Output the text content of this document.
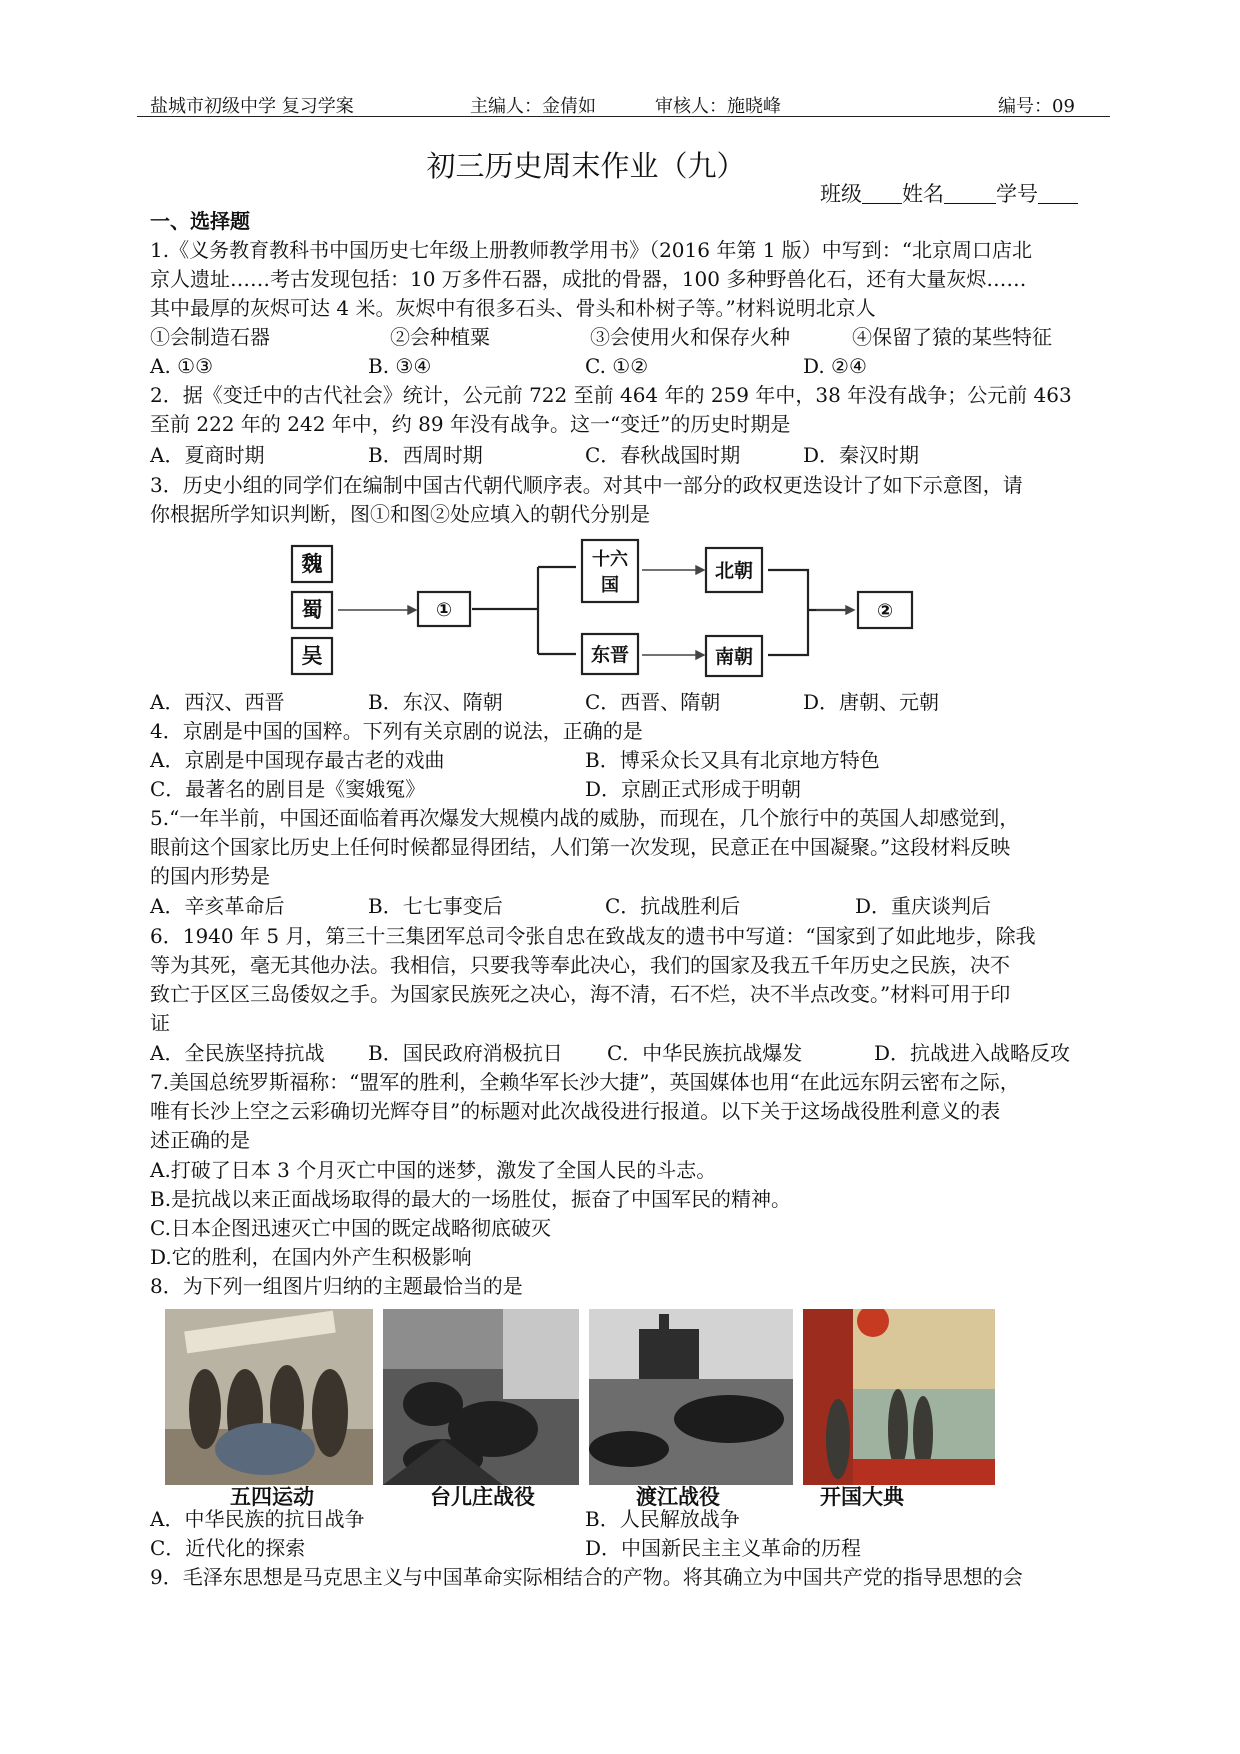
盐城市初级中学 复习学案	主编人：金倩如	审核人：施晓峰	编号：09
初三历史周末作业（九）
班级 姓名 学号
一、选择题
1.《义务教育教科书中国历史七年级上册教师教学用书》（2016 年第 1 版）中写到：“北京周口店北
京人遗址……考古发现包括：10 万多件石器，成批的骨器，100 多种野兽化石，还有大量灰烬……
其中最厚的灰烬可达 4 米。灰烬中有很多石头、骨头和朴树子等。”材料说明北京人
①会制造石器	②会种植粟	③会使用火和保存火种	④保留了猿的某些特征
A. ①③	B. ③④	C. ①②	D. ②④
2．据《变迁中的古代社会》统计，公元前 722 至前 464 年的 259 年中，38 年没有战争；公元前 463
至前 222 年的 242 年中，约 89 年没有战争。这一“变迁”的历史时期是
A．夏商时期	B．西周时期	C．春秋战国时期	D．秦汉时期
3．历史小组的同学们在编制中国古代朝代顺序表。对其中一部分的政权更迭设计了如下示意图，请
你根据所学知识判断，图①和图②处应填入的朝代分别是
魏
蜀
吴
①
十六
国
北朝
东晋	南朝
②
A．西汉、西晋	B．东汉、隋朝	C．西晋、隋朝	D．唐朝、元朝
4．京剧是中国的国粹。下列有关京剧的说法，正确的是
A．京剧是中国现存最古老的戏曲	B．博采众长又具有北京地方特色
C．最著名的剧目是《窦娥冤》	D．京剧正式形成于明朝
5.“一年半前，中国还面临着再次爆发大规模内战的威胁，而现在，几个旅行中的英国人却感觉到，
眼前这个国家比历史上任何时候都显得团结，人们第一次发现，民意正在中国凝聚。”这段材料反映
的国内形势是
A．辛亥革命后	B．七七事变后	C．抗战胜利后	D．重庆谈判后
6．1940 年 5 月，第三十三集团军总司令张自忠在致战友的遗书中写道：“国家到了如此地步，除我
等为其死，毫无其他办法。我相信，只要我等奉此决心，我们的国家及我五千年历史之民族，决不
致亡于区区三岛倭奴之手。为国家民族死之决心，海不清，石不烂，决不半点改变。”材料可用于印
证
A．全民族坚持抗战 B．国民政府消极抗日 C．中华民族抗战爆发	D．抗战进入战略反攻
7.美国总统罗斯福称：“盟军的胜利，全赖华军长沙大捷”，英国媒体也用“在此远东阴云密布之际，
唯有长沙上空之云彩确切光辉夺目”的标题对此次战役进行报道。以下关于这场战役胜利意义的表
述正确的是
A.打破了日本 3 个月灭亡中国的迷梦，激发了全国人民的斗志。
B.是抗战以来正面战场取得的最大的一场胜仗，振奋了中国军民的精神。
C.日本企图迅速灭亡中国的既定战略彻底破灭
D.它的胜利，在国内外产生积极影响
8．为下列一组图片归纳的主题最恰当的是
五四运动	台儿庄战役	渡江战役	开国大典
A．中华民族的抗日战争	B．人民解放战争
C．近代化的探索	D．中国新民主主义革命的历程
9．毛泽东思想是马克思主义与中国革命实际相结合的产物。将其确立为中国共产党的指导思想的会
